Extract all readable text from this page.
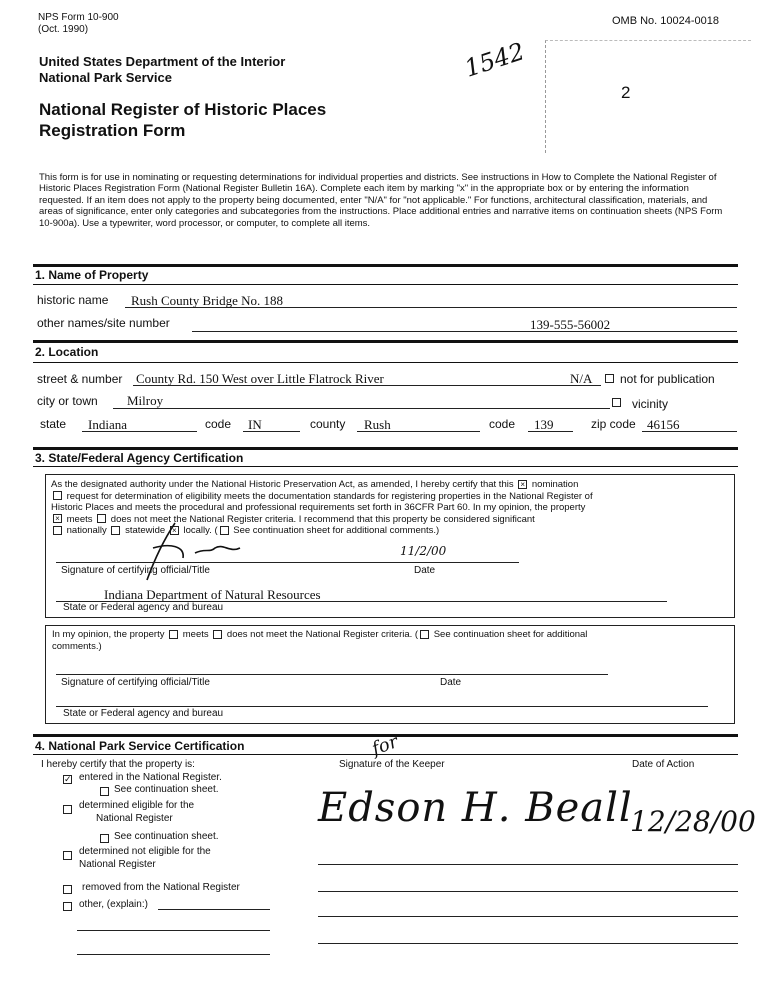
NPS Form 10-900
(Oct. 1990)
OMB No. 10024-0018
United States Department of the Interior
National Park Service
National Register of Historic Places
Registration Form
1542
2
This form is for use in nominating or requesting determinations for individual properties and districts. See instructions in How to Complete the National Register of Historic Places Registration Form (National Register Bulletin 16A). Complete each item by marking "x" in the appropriate box or by entering the information requested. If an item does not apply to the property being documented, enter "N/A" for "not applicable." For functions, architectural classification, materials, and areas of significance, enter only categories and subcategories from the instructions. Place additional entries and narrative items on continuation sheets (NPS Form 10-900a). Use a typewriter, word processor, or computer, to complete all items.
1. Name of Property
historic name Rush County Bridge No. 188
other names/site number	139-555-56002
2. Location
street & number County Rd. 150 West over Little Flatrock River	N/A not for publication
city or town Milroy	vicinity
state Indiana	code IN	county Rush	code 139	zip code 46156
3. State/Federal Agency Certification
As the designated authority under the National Historic Preservation Act, as amended, I hereby certify that this × nomination
request for determination of eligibility meets the documentation standards for registering properties in the National Register of
Historic Places and meets the procedural and professional requirements set forth in 36CFR Part 60. In my opinion, the property
× meets does not meet the National Register criteria. I recommend that this property be considered significant
nationally statewide × locally. ( See continuation sheet for additional comments.)
11/2/00
Signature of certifying official/Title	Date
Indiana Department of Natural Resources
State or Federal agency and bureau
In my opinion, the property meets does not meet the National Register criteria. ( See continuation sheet for additional
comments.)
Signature of certifying official/Title	Date
State or Federal agency and bureau
4. National Park Service Certification
I hereby certify that the property is:	Signature of the Keeper	Date of Action
for
✓ entered in the National Register.
See continuation sheet.
determined eligible for the
National Register
See continuation sheet.
determined not eligible for the
National Register
removed from the National Register
other, (explain:)
Edson H. Beall
12/28/00
